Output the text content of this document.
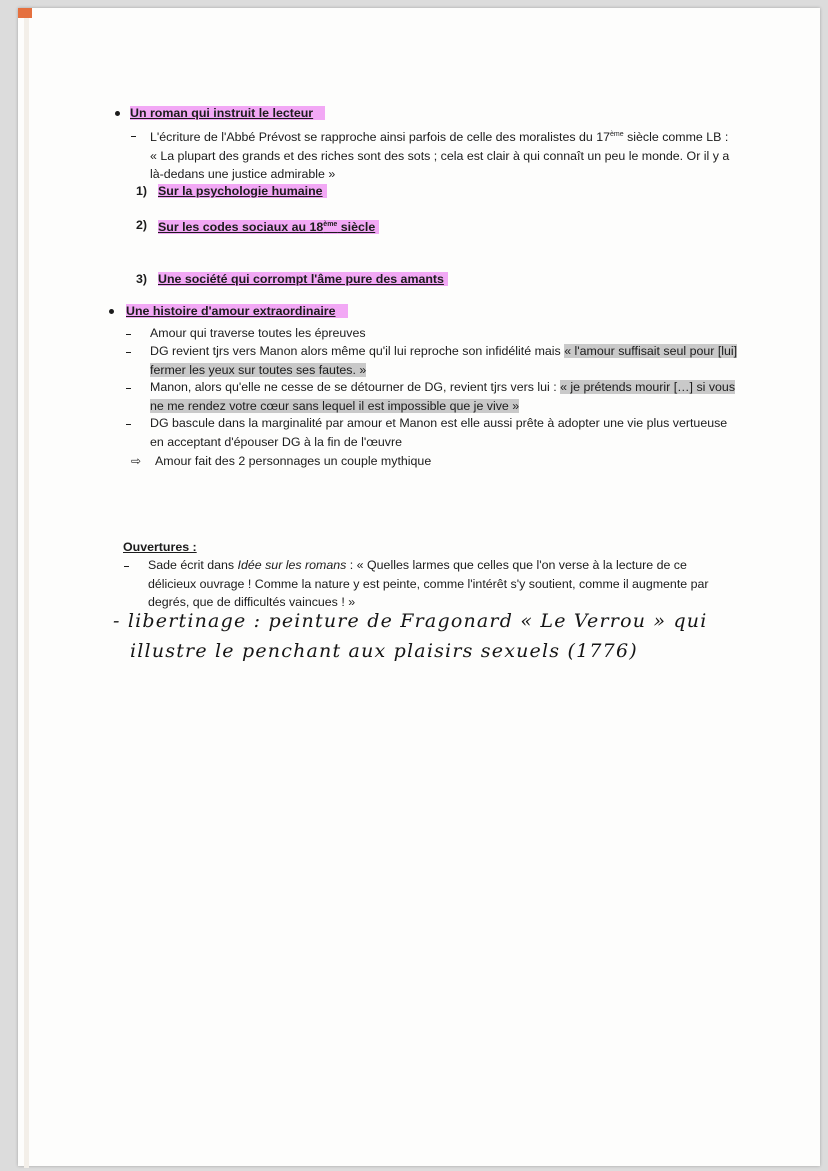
Un roman qui instruit le lecteur
L'écriture de l'Abbé Prévost se rapproche ainsi parfois de celle des moralistes du 17ème siècle comme LB : « La plupart des grands et des riches sont des sots ; cela est clair à qui connaît un peu le monde. Or il y a là-dedans une justice admirable »
1) Sur la psychologie humaine
2) Sur les codes sociaux au 18ème siècle
3) Une société qui corrompt l'âme pure des amants
Une histoire d'amour extraordinaire
Amour qui traverse toutes les épreuves
DG revient tjrs vers Manon alors même qu'il lui reproche son infidélité mais « l'amour suffisait seul pour [lui] fermer les yeux sur toutes ses fautes. »
Manon, alors qu'elle ne cesse de se détourner de DG, revient tjrs vers lui : « je prétends mourir […] si vous ne me rendez votre cœur sans lequel il est impossible que je vive »
DG bascule dans la marginalité par amour et Manon est elle aussi prête à adopter une vie plus vertueuse en acceptant d'épouser DG à la fin de l'œuvre
⇨ Amour fait des 2 personnages un couple mythique
Ouvertures :
Sade écrit dans Idée sur les romans : « Quelles larmes que celles que l'on verse à la lecture de ce délicieux ouvrage ! Comme la nature y est peinte, comme l'intérêt s'y soutient, comme il augmente par degrés, que de difficultés vaincues ! »
- libertinage : peinture de Fragonard « Le Verrou » qui
illustre le penchant aux plaisirs sexuels (1776)
